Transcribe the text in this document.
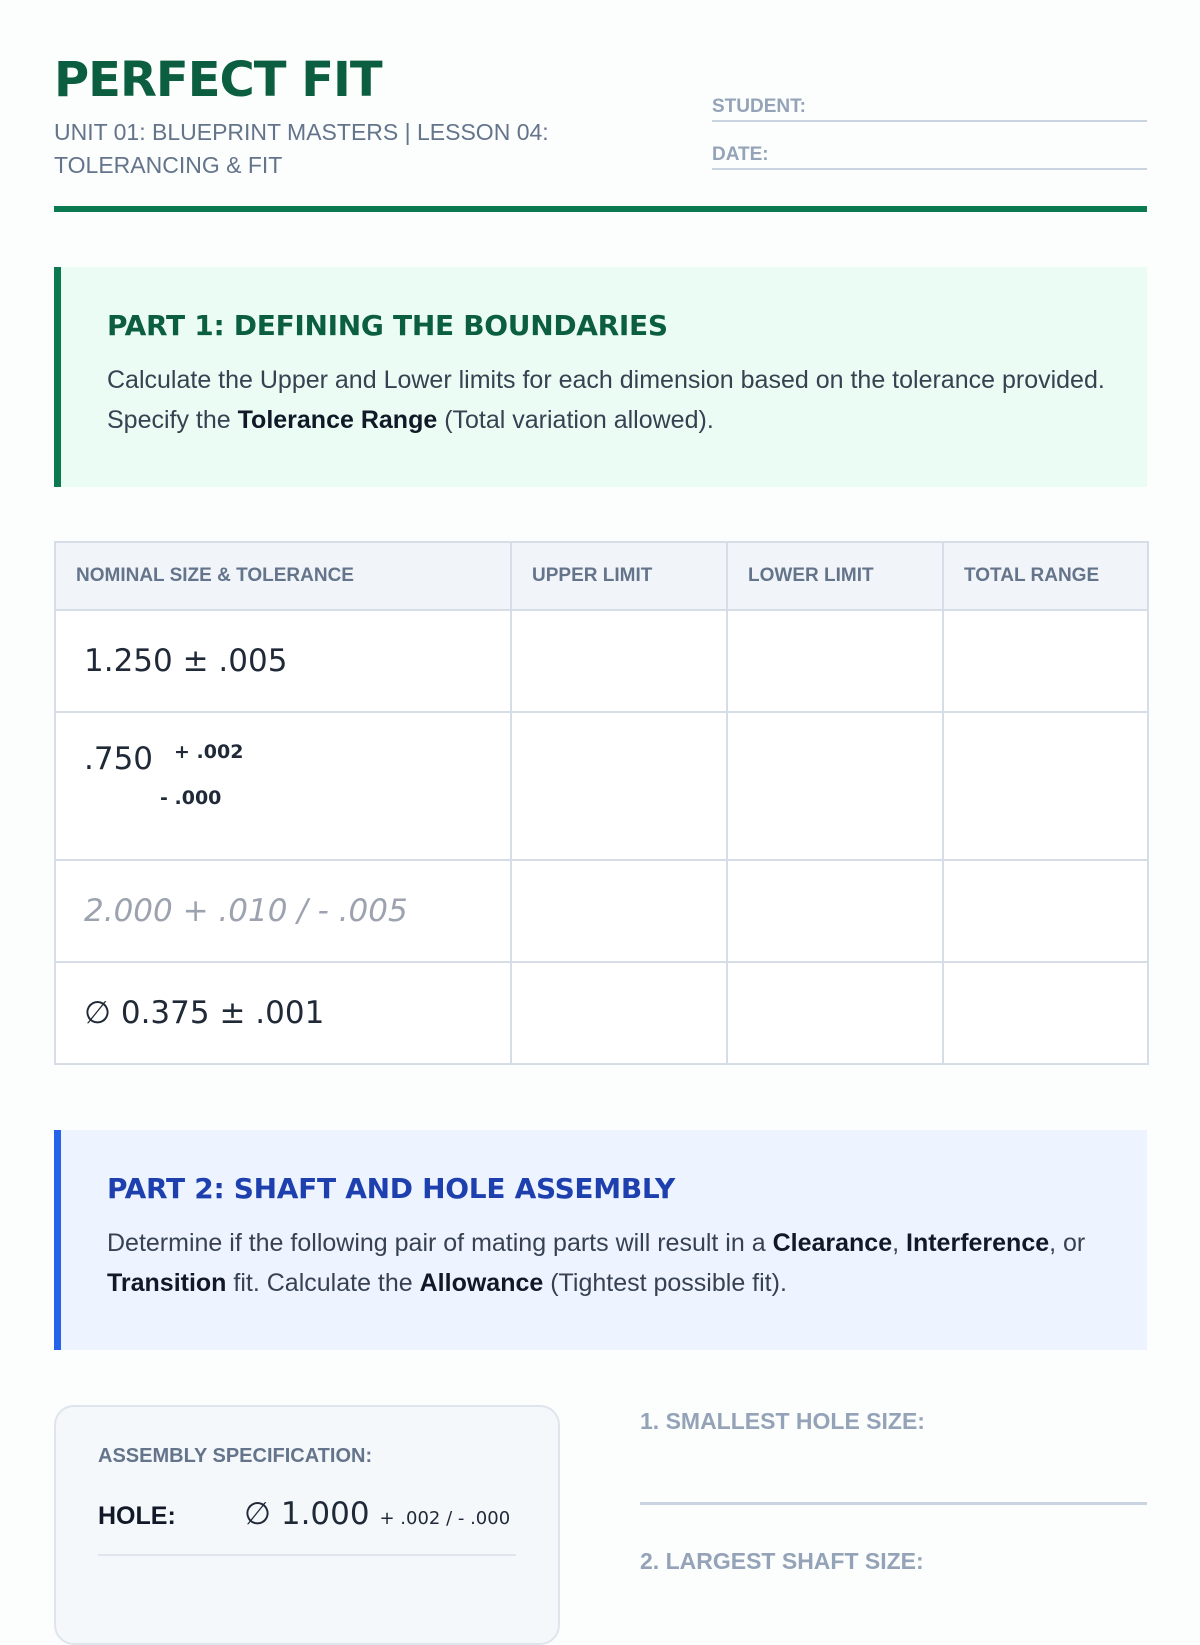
PERFECT FIT
UNIT 01: BLUEPRINT MASTERS | LESSON 04: TOLERANCING & FIT
STUDENT:
DATE:
PART 1: DEFINING THE BOUNDARIES

Calculate the Upper and Lower limits for each dimension based on the tolerance provided. Specify the Tolerance Range (Total variation allowed).

NOMINAL SIZE & TOLERANCE	UPPER LIMIT	LOWER LIMIT	TOTAL RANGE
1.250 ± .005			

.750 + .002
- .000			

2.000 + .010 / - .005			
∅ 0.375 ± .001			
PART 2: SHAFT AND HOLE ASSEMBLY

Determine if the following pair of mating parts will result in a Clearance, Interference, or Transition fit. Calculate the Allowance (Tightest possible fit).

ASSEMBLY SPECIFICATION:
HOLE: ∅ 1.000 + .002 / - .000
1. SMALLEST HOLE SIZE:
2. LARGEST SHAFT SIZE:
